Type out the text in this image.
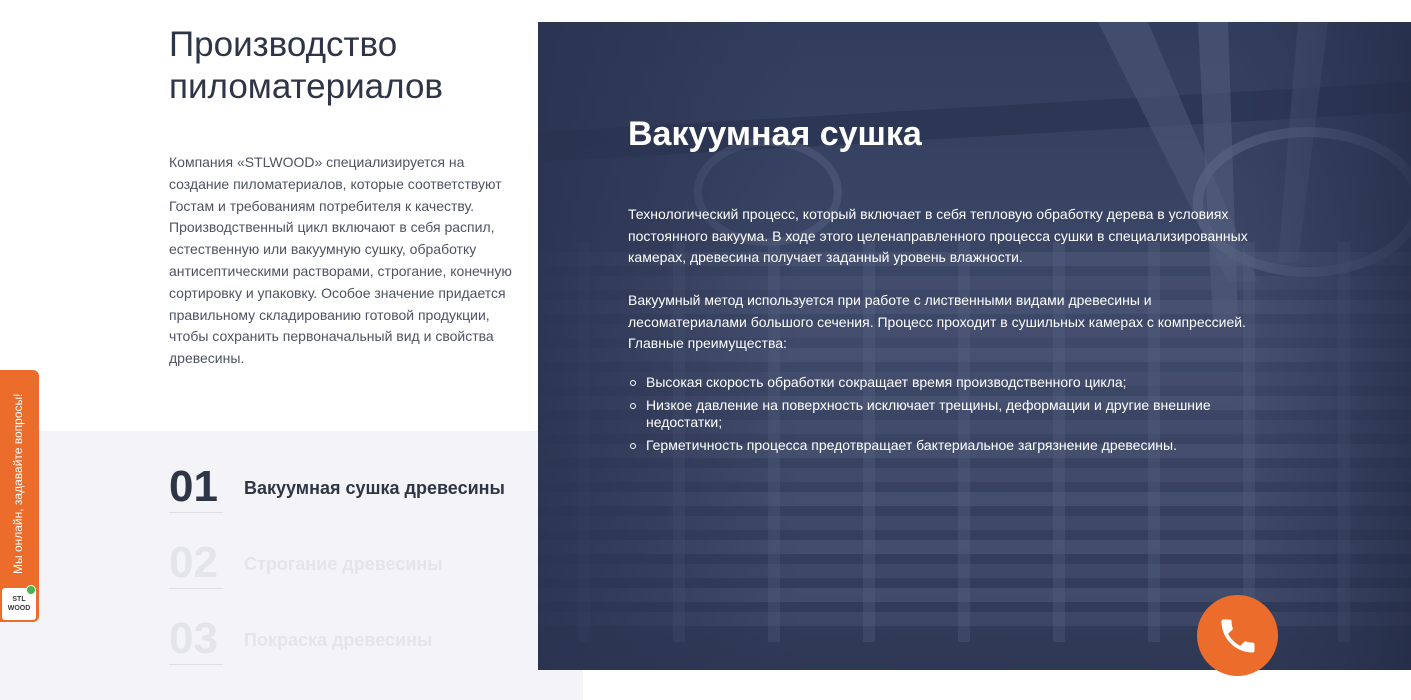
Производство пиломатериалов

Компания «STLWOOD» специализируется на создание пиломатериалов, которые соответствуют Гостам и требованиям потребителя к качеству. Производственный цикл включают в себя распил, естественную или вакуумную сушку, обработку антисептическими растворами, строгание, конечную сортировку и упаковку. Особое значение придается правильному складированию готовой продукции, чтобы сохранить первоначальный вид и свойства древесины.

01 Вакуумная сушка древесины
02 Строгание древесины
03 Покраска древесины
Вакуумная сушка

Технологический процесс, который включает в себя тепловую обработку дерева в условиях постоянного вакуума. В ходе этого целенаправленного процесса сушки в специализированных камерах, древесина получает заданный уровень влажности.

Вакуумный метод используется при работе с лиственными видами древесины и лесоматериалами большого сечения. Процесс проходит в сушильных камерах с компрессией. Главные преимущества:

Высокая скорость обработки сокращает время производственного цикла;
Низкое давление на поверхность исключает трещины, деформации и другие внешние недостатки;
Герметичность процесса предотвращает бактериальное загрязнение древесины.
Мы онлайн, задавайте вопросы!
STL WOOD
